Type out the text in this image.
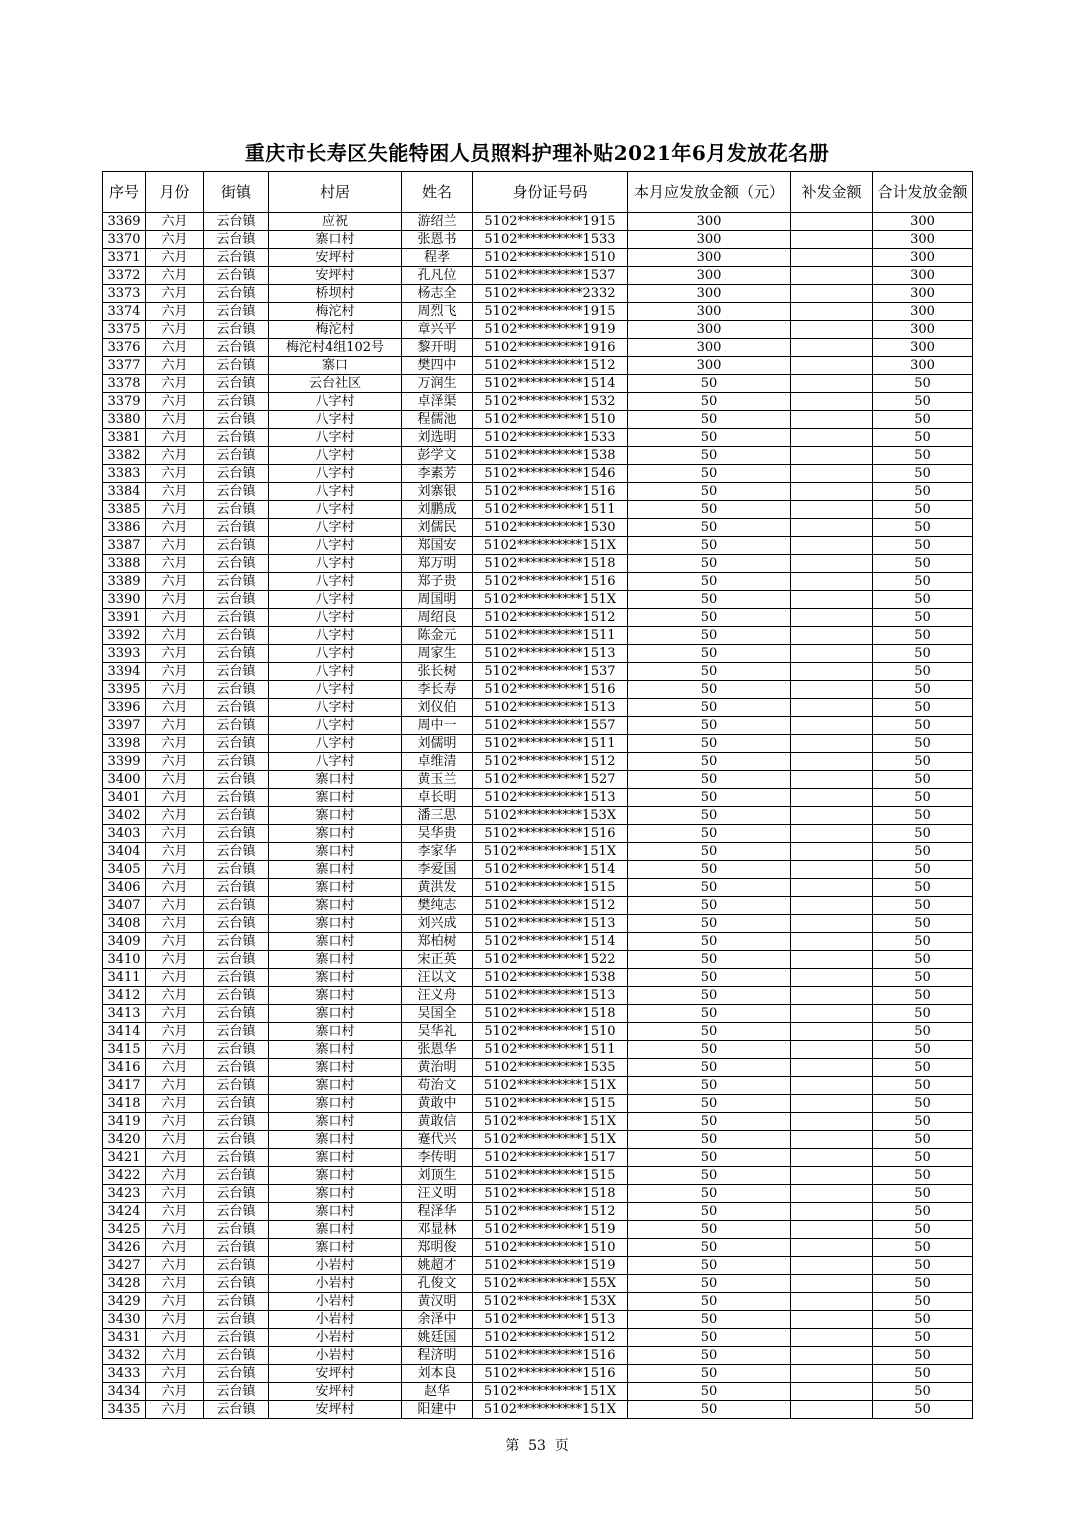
重庆市长寿区失能特困人员照料护理补贴2021年6月发放花名册
序号	月份	街镇	村居	姓名	身份证号码	本月应发放金额（元）	补发金额	合计发放金额
3369	六月	云台镇	应祝	游绍兰	5102**********1915	300		300
3370	六月	云台镇	寨口村	张恩书	5102**********1533	300		300
3371	六月	云台镇	安坪村	程孝	5102**********1510	300		300
3372	六月	云台镇	安坪村	孔凡位	5102**********1537	300		300
3373	六月	云台镇	桥坝村	杨志全	5102**********2332	300		300
3374	六月	云台镇	梅沱村	周烈飞	5102**********1915	300		300
3375	六月	云台镇	梅沱村	章兴平	5102**********1919	300		300
3376	六月	云台镇	梅沱村4组102号	黎开明	5102**********1916	300		300
3377	六月	云台镇	寨口	樊四中	5102**********1512	300		300
3378	六月	云台镇	云台社区	万润生	5102**********1514	50		50
3379	六月	云台镇	八字村	卓泽渠	5102**********1532	50		50
3380	六月	云台镇	八字村	程儒池	5102**********1510	50		50
3381	六月	云台镇	八字村	刘选明	5102**********1533	50		50
3382	六月	云台镇	八字村	彭学文	5102**********1538	50		50
3383	六月	云台镇	八字村	李素芳	5102**********1546	50		50
3384	六月	云台镇	八字村	刘寨银	5102**********1516	50		50
3385	六月	云台镇	八字村	刘鹏成	5102**********1511	50		50
3386	六月	云台镇	八字村	刘儒民	5102**********1530	50		50
3387	六月	云台镇	八字村	郑国安	5102**********151X	50		50
3388	六月	云台镇	八字村	郑万明	5102**********1518	50		50
3389	六月	云台镇	八字村	郑子贵	5102**********1516	50		50
3390	六月	云台镇	八字村	周国明	5102**********151X	50		50
3391	六月	云台镇	八字村	周绍良	5102**********1512	50		50
3392	六月	云台镇	八字村	陈金元	5102**********1511	50		50
3393	六月	云台镇	八字村	周家生	5102**********1513	50		50
3394	六月	云台镇	八字村	张长树	5102**********1537	50		50
3395	六月	云台镇	八字村	李长寿	5102**********1516	50		50
3396	六月	云台镇	八字村	刘仪伯	5102**********1513	50		50
3397	六月	云台镇	八字村	周中一	5102**********1557	50		50
3398	六月	云台镇	八字村	刘儒明	5102**********1511	50		50
3399	六月	云台镇	八字村	卓维清	5102**********1512	50		50
3400	六月	云台镇	寨口村	黄玉兰	5102**********1527	50		50
3401	六月	云台镇	寨口村	卓长明	5102**********1513	50		50
3402	六月	云台镇	寨口村	潘三思	5102**********153X	50		50
3403	六月	云台镇	寨口村	吴华贵	5102**********1516	50		50
3404	六月	云台镇	寨口村	李家华	5102**********151X	50		50
3405	六月	云台镇	寨口村	李爱国	5102**********1514	50		50
3406	六月	云台镇	寨口村	黄洪发	5102**********1515	50		50
3407	六月	云台镇	寨口村	樊纯志	5102**********1512	50		50
3408	六月	云台镇	寨口村	刘兴成	5102**********1513	50		50
3409	六月	云台镇	寨口村	郑柏树	5102**********1514	50		50
3410	六月	云台镇	寨口村	宋正英	5102**********1522	50		50
3411	六月	云台镇	寨口村	汪以文	5102**********1538	50		50
3412	六月	云台镇	寨口村	汪义舟	5102**********1513	50		50
3413	六月	云台镇	寨口村	吴国全	5102**********1518	50		50
3414	六月	云台镇	寨口村	吴华礼	5102**********1510	50		50
3415	六月	云台镇	寨口村	张恩华	5102**********1511	50		50
3416	六月	云台镇	寨口村	黄治明	5102**********1535	50		50
3417	六月	云台镇	寨口村	苟治文	5102**********151X	50		50
3418	六月	云台镇	寨口村	黄敢中	5102**********1515	50		50
3419	六月	云台镇	寨口村	黄敢信	5102**********151X	50		50
3420	六月	云台镇	寨口村	蹇代兴	5102**********151X	50		50
3421	六月	云台镇	寨口村	李传明	5102**********1517	50		50
3422	六月	云台镇	寨口村	刘顶生	5102**********1515	50		50
3423	六月	云台镇	寨口村	汪义明	5102**********1518	50		50
3424	六月	云台镇	寨口村	程泽华	5102**********1512	50		50
3425	六月	云台镇	寨口村	邓显林	5102**********1519	50		50
3426	六月	云台镇	寨口村	郑明俊	5102**********1510	50		50
3427	六月	云台镇	小岩村	姚超才	5102**********1519	50		50
3428	六月	云台镇	小岩村	孔俊文	5102**********155X	50		50
3429	六月	云台镇	小岩村	黄汉明	5102**********153X	50		50
3430	六月	云台镇	小岩村	余泽中	5102**********1513	50		50
3431	六月	云台镇	小岩村	姚廷国	5102**********1512	50		50
3432	六月	云台镇	小岩村	程济明	5102**********1516	50		50
3433	六月	云台镇	安坪村	刘本良	5102**********1516	50		50
3434	六月	云台镇	安坪村	赵华	5102**********151X	50		50
3435	六月	云台镇	安坪村	阳建中	5102**********151X	50		50
第  53  页
